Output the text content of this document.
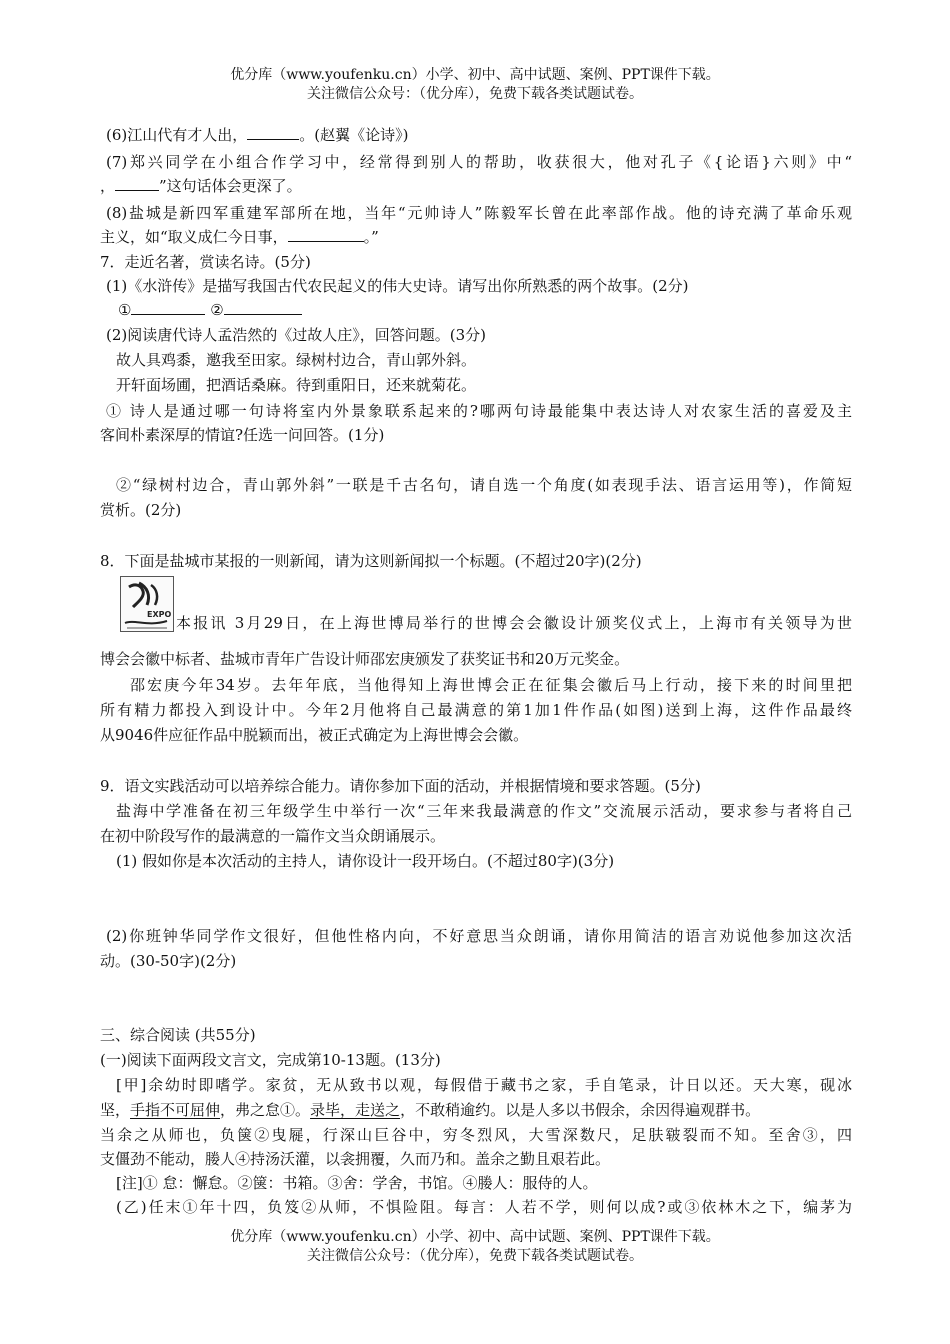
优分库（www.youfenku.cn）小学、初中、高中试题、案例、PPT课件下载。
关注微信公众号：（优分库），免费下载各类试题试卷。
(6)江山代有才人出，	。(赵翼《论诗》)
(7)郑兴同学在小组合作学习中，经常得到别人的帮助，收获很大，他对孔子《{论语}六则》中“
，	”这句话体会更深了。
(8)盐城是新四军重建军部所在地，当年“元帅诗人”陈毅军长曾在此率部作战。他的诗充满了革命乐观
主义，如“取义成仁今日事，	。”
7．走近名著，赏读名诗。(5分)
(1)《水浒传》是描写我国古代农民起义的伟大史诗。请写出你所熟悉的两个故事。(2分)
①	②
(2)阅读唐代诗人孟浩然的《过故人庄》，回答问题。(3分)
故人具鸡黍，邀我至田家。绿树村边合，青山郭外斜。
开轩面场圃，把酒话桑麻。待到重阳日，还来就菊花。
① 诗人是通过哪一句诗将室内外景象联系起来的?哪两句诗最能集中表达诗人对农家生活的喜爱及主
客间朴素深厚的情谊?任选一问回答。(1分)
②“绿树村边合，青山郭外斜”一联是千古名句，请自选一个角度(如表现手法、语言运用等)，作简短
赏析。(2分)
8．下面是盐城市某报的一则新闻，请为这则新闻拟一个标题。(不超过20字)(2分)
EXPO 本报讯 3月29日，在上海世博局举行的世博会会徽设计颁奖仪式上，上海市有关领导为世
博会会徽中标者、盐城市青年广告设计师邵宏庚颁发了获奖证书和20万元奖金。
邵宏庚今年34岁。去年年底，当他得知上海世博会正在征集会徽后马上行动，接下来的时间里把
所有精力都投入到设计中。今年2月他将自己最满意的第1加1件作品(如图)送到上海，这件作品最终
从9046件应征作品中脱颖而出，被正式确定为上海世博会会徽。
9．语文实践活动可以培养综合能力。请你参加下面的活动，并根据情境和要求答题。(5分)
盐海中学准备在初三年级学生中举行一次“三年来我最满意的作文”交流展示活动，要求参与者将自己
在初中阶段写作的最满意的一篇作文当众朗诵展示。
(1) 假如你是本次活动的主持人，请你设计一段开场白。(不超过80字)(3分)
(2)你班钟华同学作文很好，但他性格内向，不好意思当众朗诵，请你用简洁的语言劝说他参加这次活
动。(30-50字)(2分)
三、综合阅读 (共55分)
(一)阅读下面两段文言文，完成第10-13题。(13分)
[甲]余幼时即嗜学。家贫，无从致书以观，每假借于藏书之家，手自笔录，计日以还。天大寒，砚冰
坚，手指不可屈伸，弗之怠①。录毕，走送之，不敢稍逾约。以是人多以书假余，余因得遍观群书。
当余之从师也，负箧②曳屣，行深山巨谷中，穷冬烈风，大雪深数尺，足肤皲裂而不知。至舍③，四
支僵劲不能动，媵人④持汤沃灌，以衾拥覆，久而乃和。盖余之勤且艰若此。
[注]① 怠：懈怠。②箧：书箱。③舍：学舍，书馆。④媵人：服侍的人。
(乙)任末①年十四，负笈②从师，不惧险阻。每言：人若不学，则何以成?或③依林木之下，编茅为
优分库（www.youfenku.cn）小学、初中、高中试题、案例、PPT课件下载。
关注微信公众号：（优分库），免费下载各类试题试卷。
